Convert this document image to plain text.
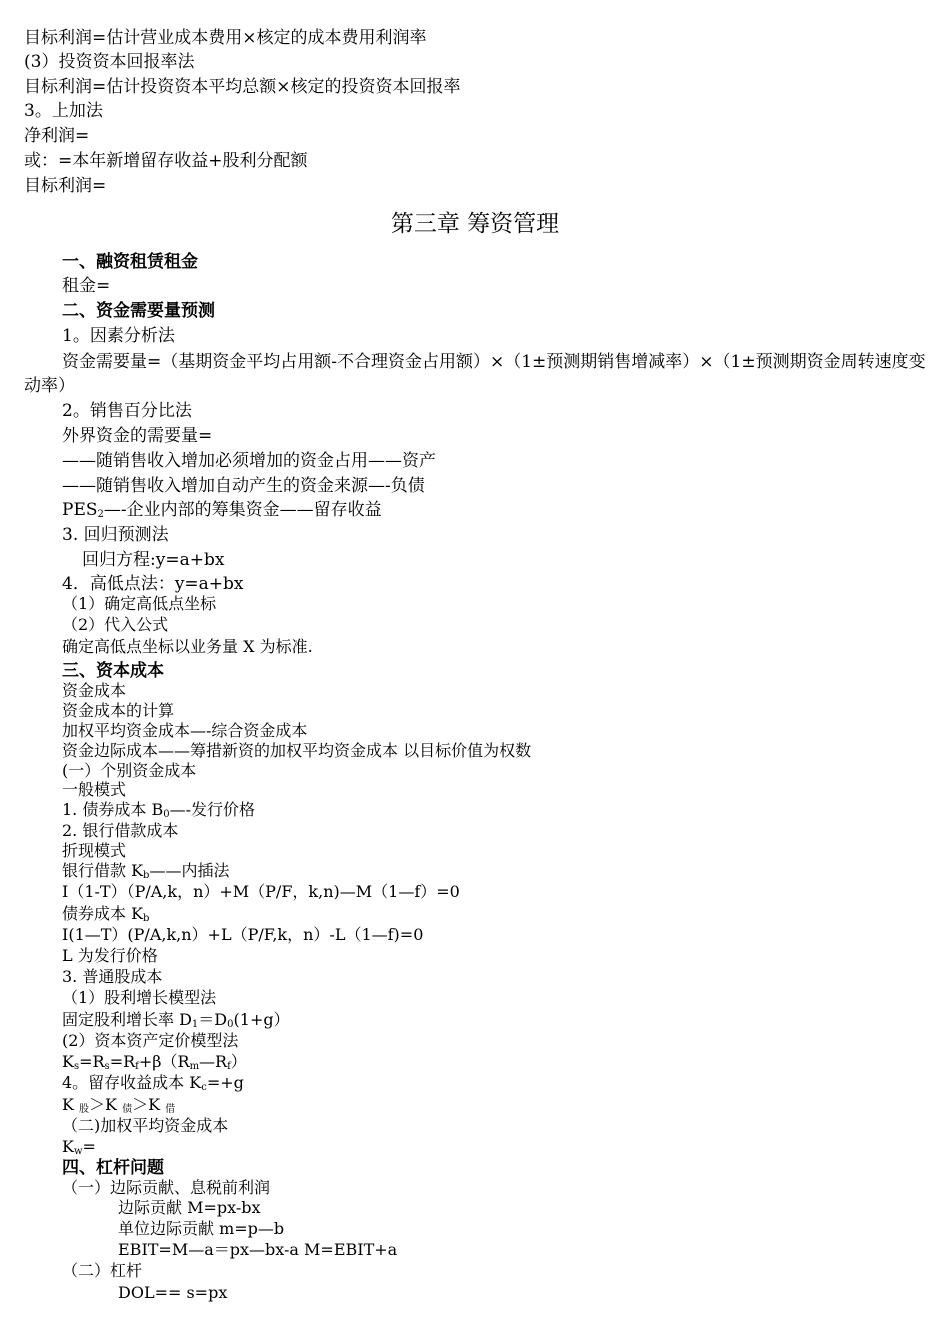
目标利润=估计营业成本费用×核定的成本费用利润率
(3）投资资本回报率法
目标利润=估计投资资本平均总额×核定的投资资本回报率
3。上加法
净利润=
或：=本年新增留存收益+股利分配额
目标利润=
第三章 筹资管理
一、融资租赁租金
租金=
二、资金需要量预测
1。因素分析法
资金需要量=（基期资金平均占用额-不合理资金占用额）×（1±预测期销售增减率）×（1±预测期资金周转速度变动率）
2。销售百分比法
外界资金的需要量=
——随销售收入增加必须增加的资金占用——资产
——随销售收入增加自动产生的资金来源—-负债
$PES_2—-$企业内部的筹集资金——留存收益
3. 回归预测法
回归方程:y=a+bx
4．高低点法：y=a+bx
（1）确定高低点坐标
（2）代入公式
确定高低点坐标以业务量 X 为标准.
三、资本成本
资金成本
资金成本的计算
加权平均资金成本—-综合资金成本
资金边际成本——筹措新资的加权平均资金成本 以目标价值为权数
(一）个别资金成本
一般模式
1. 债券成本 $B_0—-$发行价格
2. 银行借款成本
折现模式
银行借款 $K_b——$内插法
I（1-T）（P/A,k，n）+M（P/F，k,n)—M（1—f）=0
债券成本 $K_b$
I(1—T）(P/A,k,n）+L（P/F,k，n）-L（1—f)=0
L 为发行价格
3. 普通股成本
（1）股利增长模型法
固定股利增长率 $D_1=D_0(1+g)$
(2）资本资产定价模型法
$K_s=R_s=R_f+\beta(R_m—R_f)$
4。留存收益成本 $K_c=+g$
K $_股$＞K $_债$＞K $_借$
（二)加权平均资金成本
$K_w=$
四、杠杆问题
（一）边际贡献、息税前利润
边际贡献 M=px-bx
单位边际贡献 m=p—b
EBIT=M—a＝px—bx-a M=EBIT+a
（二）杠杆
DOL== s=px
